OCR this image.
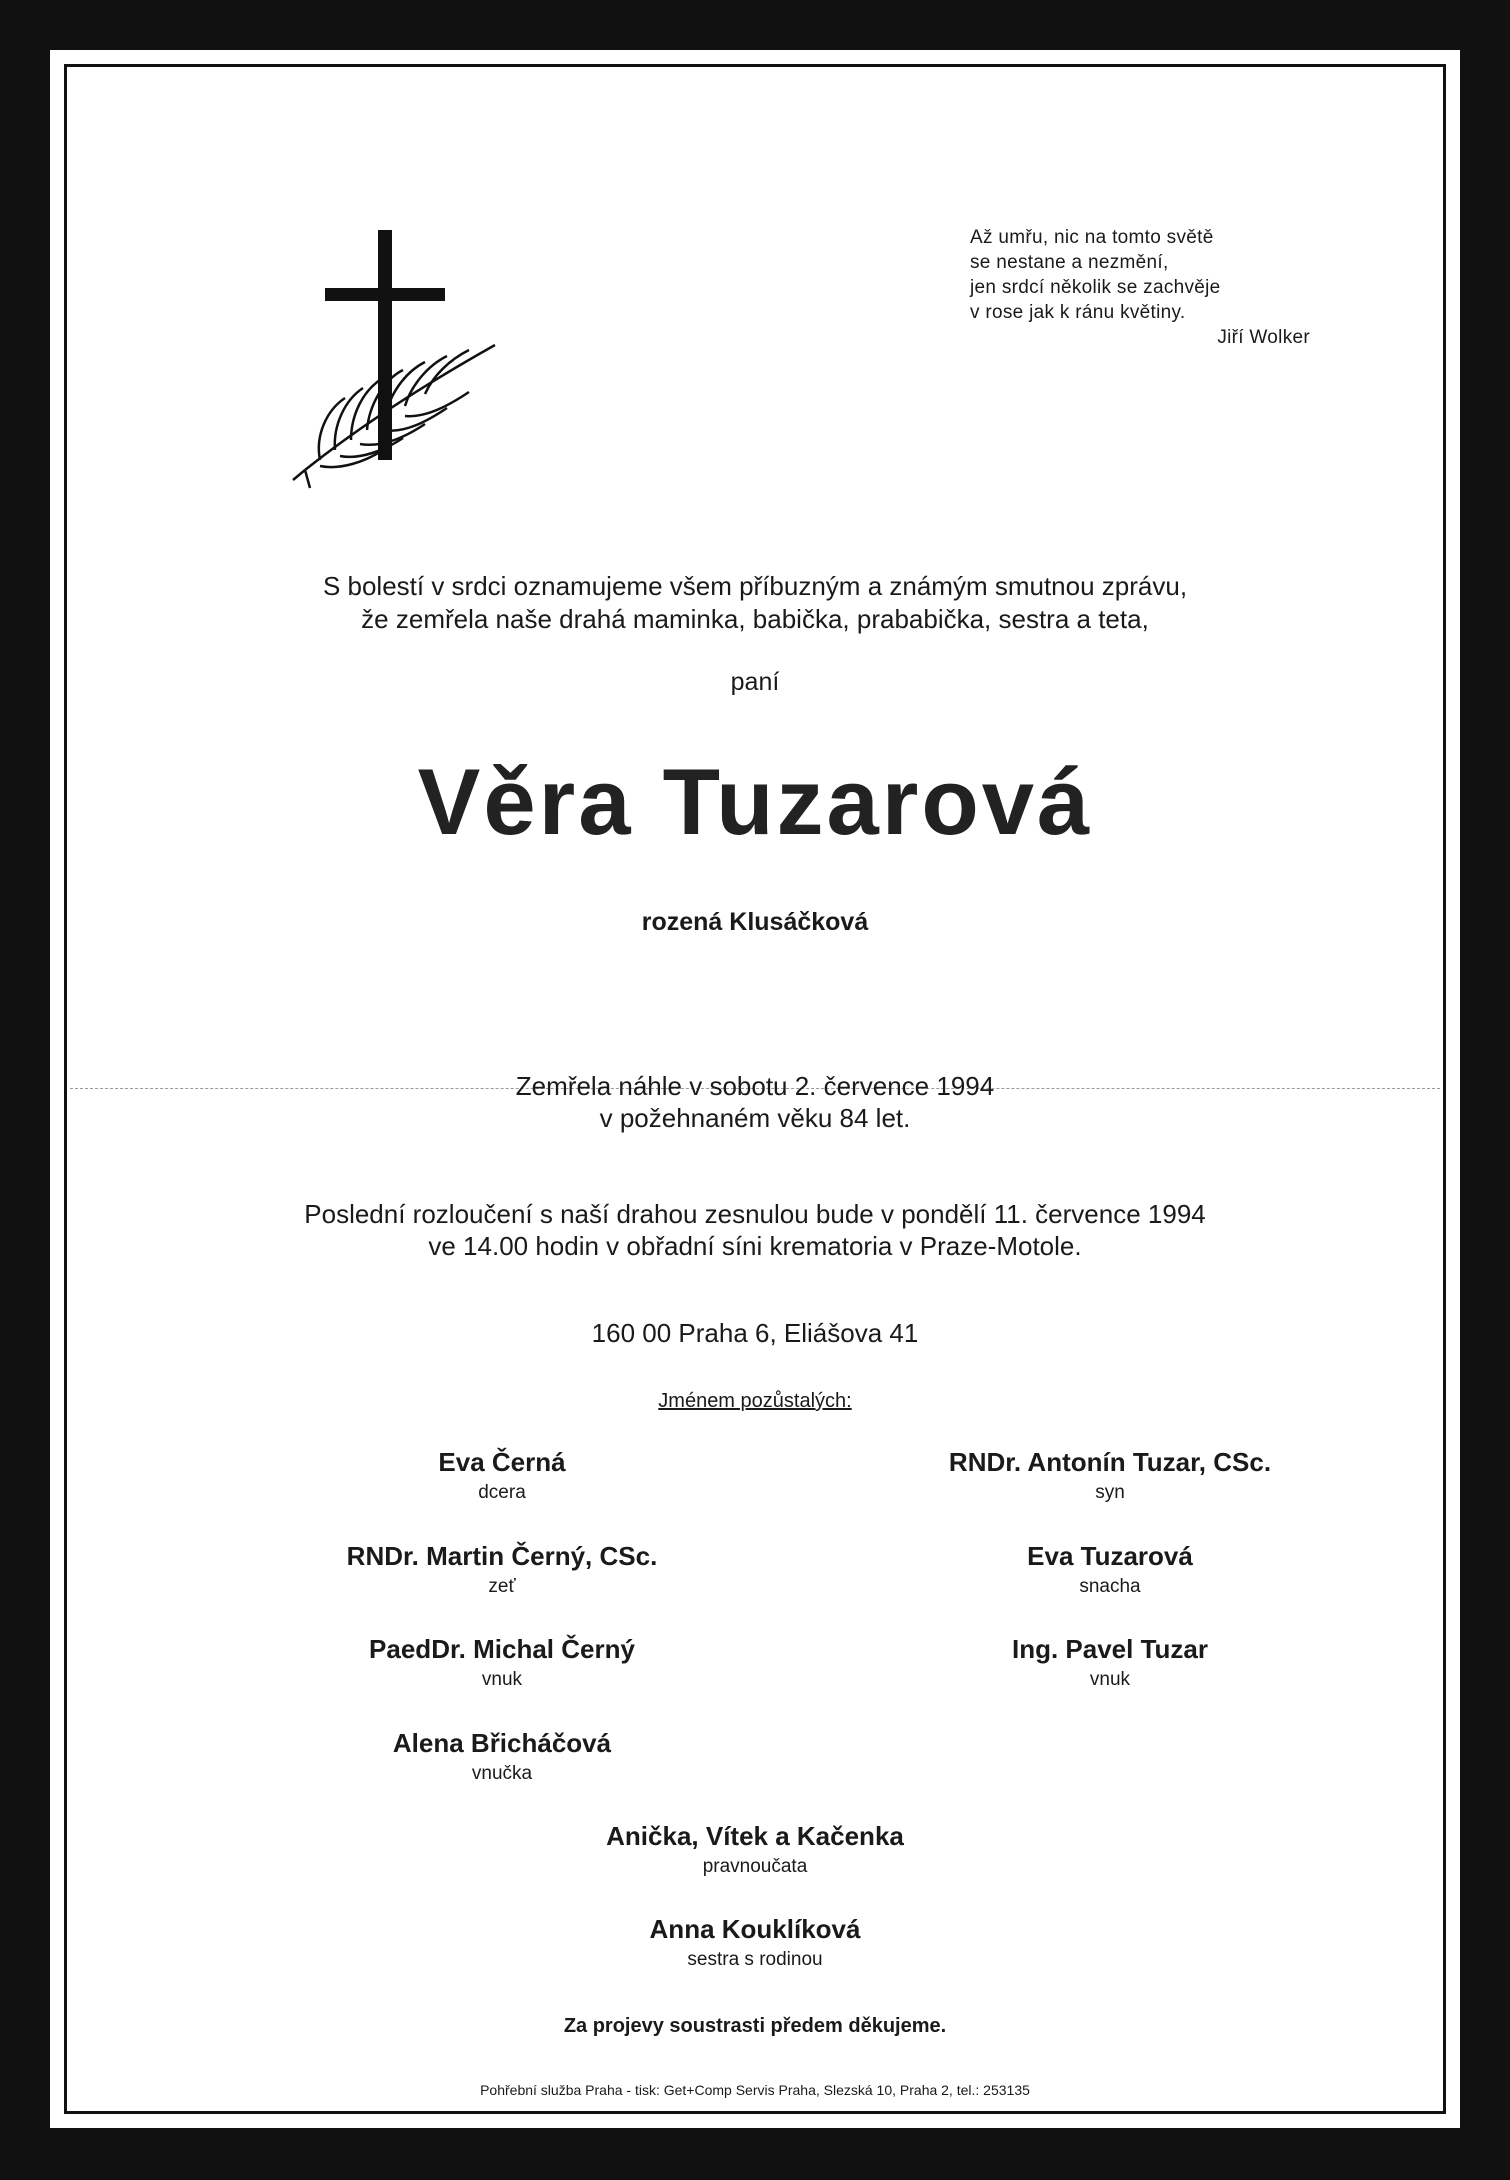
Až umřu, nic na tomto světě
se nestane a nezmění,
jen srdcí několik se zachvěje
v rose jak k ránu květiny.
Jiří Wolker
S bolestí v srdci oznamujeme všem příbuzným a známým smutnou zprávu,
že zemřela naše drahá maminka, babička, prababička, sestra a teta,
paní
Věra Tuzarová
rozená Klusáčková
Zemřela náhle v sobotu 2. července 1994
v požehnaném věku 84 let.
Poslední rozloučení s naší drahou zesnulou bude v pondělí 11. července 1994
ve 14.00 hodin v obřadní síni krematoria v Praze-Motole.
160 00 Praha 6, Eliášova 41
Jménem pozůstalých:
Eva Černá
dcera
RNDr. Martin Černý, CSc.
zeť
PaedDr. Michal Černý
vnuk
Alena Břicháčová
vnučka
RNDr. Antonín Tuzar, CSc.
syn
Eva Tuzarová
snacha
Ing. Pavel Tuzar
vnuk
Anička, Vítek a Kačenka
pravnoučata
Anna Kouklíková
sestra s rodinou
Za projevy soustrasti předem děkujeme.
Pohřební služba Praha - tisk: Get+Comp Servis Praha, Slezská 10, Praha 2, tel.: 253135
